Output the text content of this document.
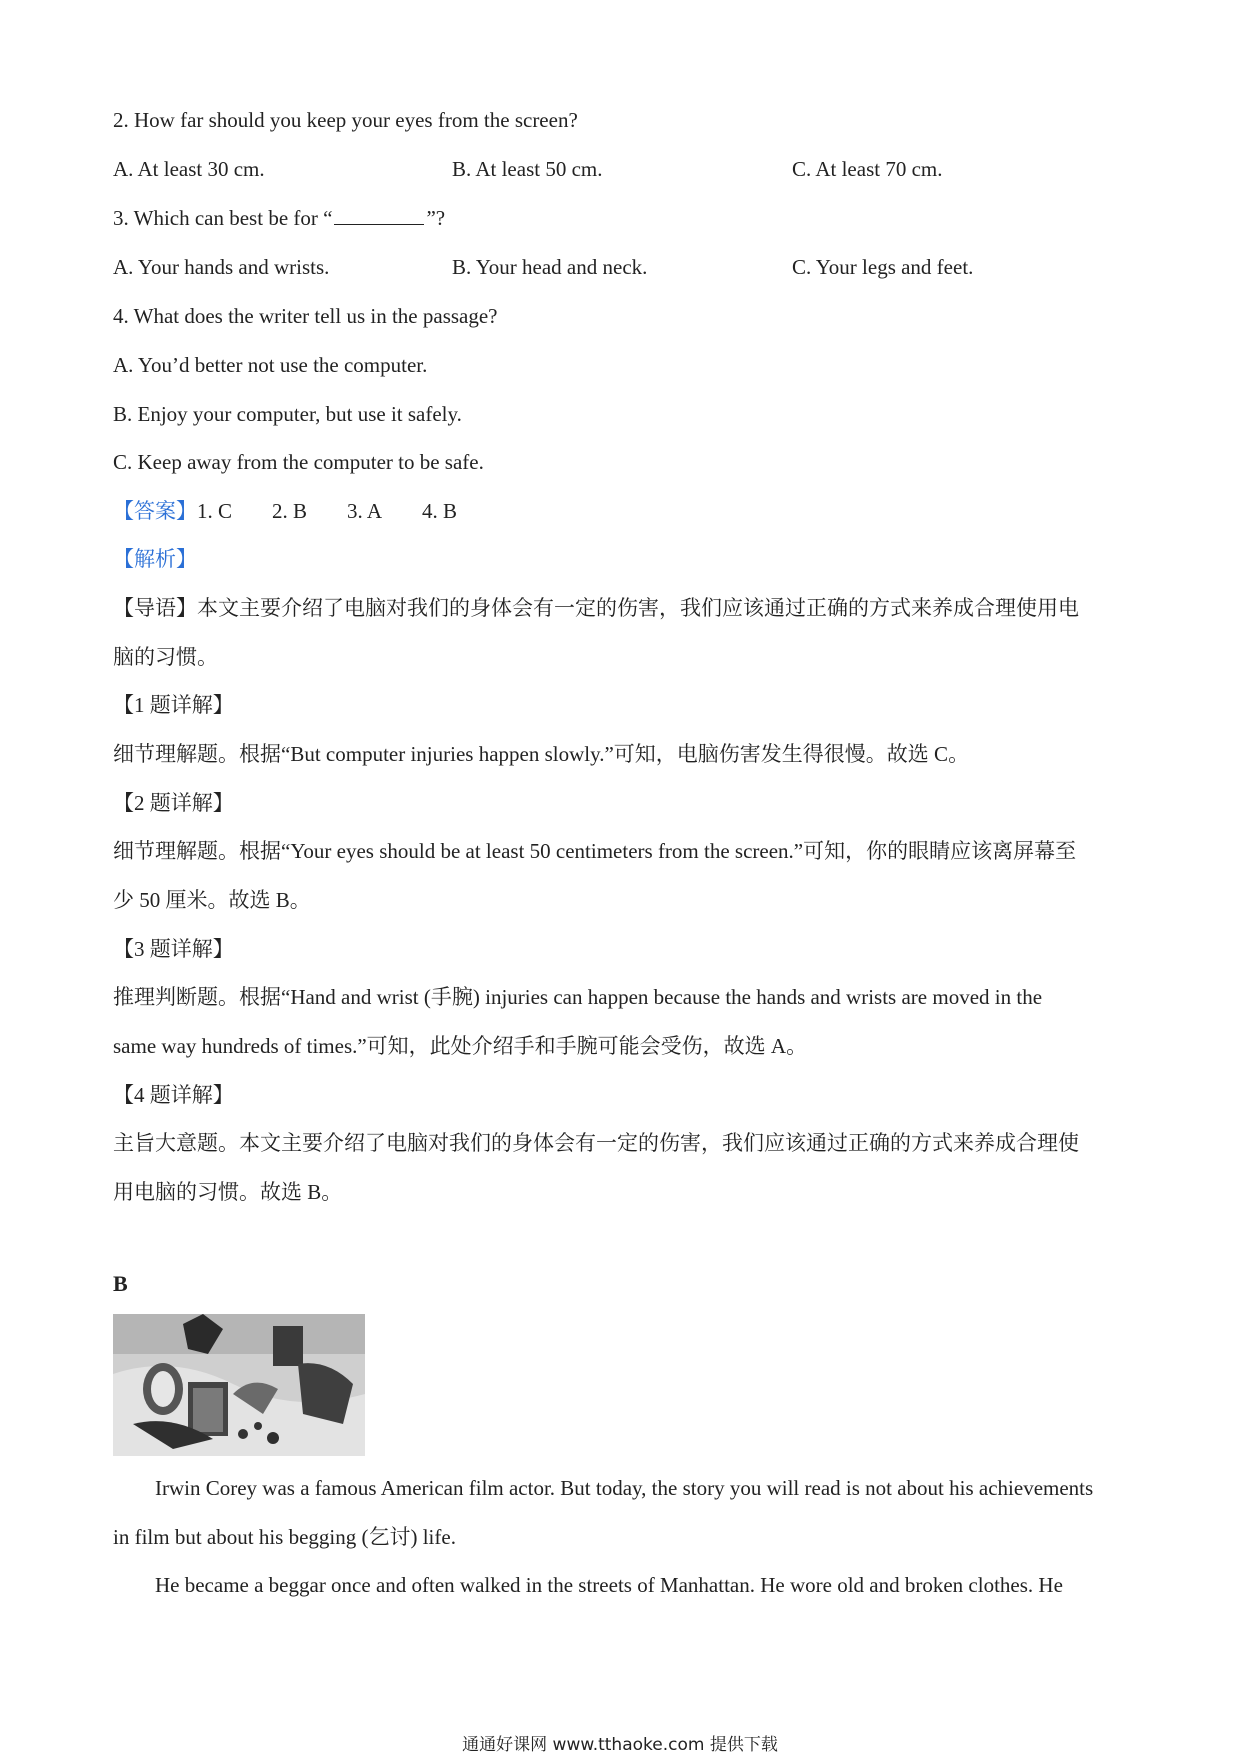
2. How far should you keep your eyes from the screen?
A. At least 30 cm.	B. At least 50 cm.	C. At least 70 cm.
3. Which can best be for “	”?
A. Your hands and wrists.	B. Your head and neck.	C. Your legs and feet.
4. What does the writer tell us in the passage?
A. You’d better not use the computer.
B. Enjoy your computer, but use it safely.
C. Keep away from the computer to be safe.
【答案】1. C 2. B 3. A 4. B
【解析】
【导语】本文主要介绍了电脑对我们的身体会有一定的伤害，我们应该通过正确的方式来养成合理使用电
脑的习惯。
【1 题详解】
细节理解题。根据“But computer injuries happen slowly.”可知，电脑伤害发生得很慢。故选 C。
【2 题详解】
细节理解题。根据“Your eyes should be at least 50 centimeters from the screen.”可知，你的眼睛应该离屏幕至
少 50 厘米。故选 B。
【3 题详解】
推理判断题。根据“Hand and wrist (手腕) injuries can happen because the hands and wrists are moved in the
same way hundreds of times.”可知，此处介绍手和手腕可能会受伤，故选 A。
【4 题详解】
主旨大意题。本文主要介绍了电脑对我们的身体会有一定的伤害，我们应该通过正确的方式来养成合理使
用电脑的习惯。故选 B。
B
Irwin Corey was a famous American film actor. But today, the story you will read is not about his achievements
in film but about his begging (乞讨) life.
He became a beggar once and often walked in the streets of Manhattan. He wore old and broken clothes. He
通通好课网 www.tthaoke.com 提供下载
